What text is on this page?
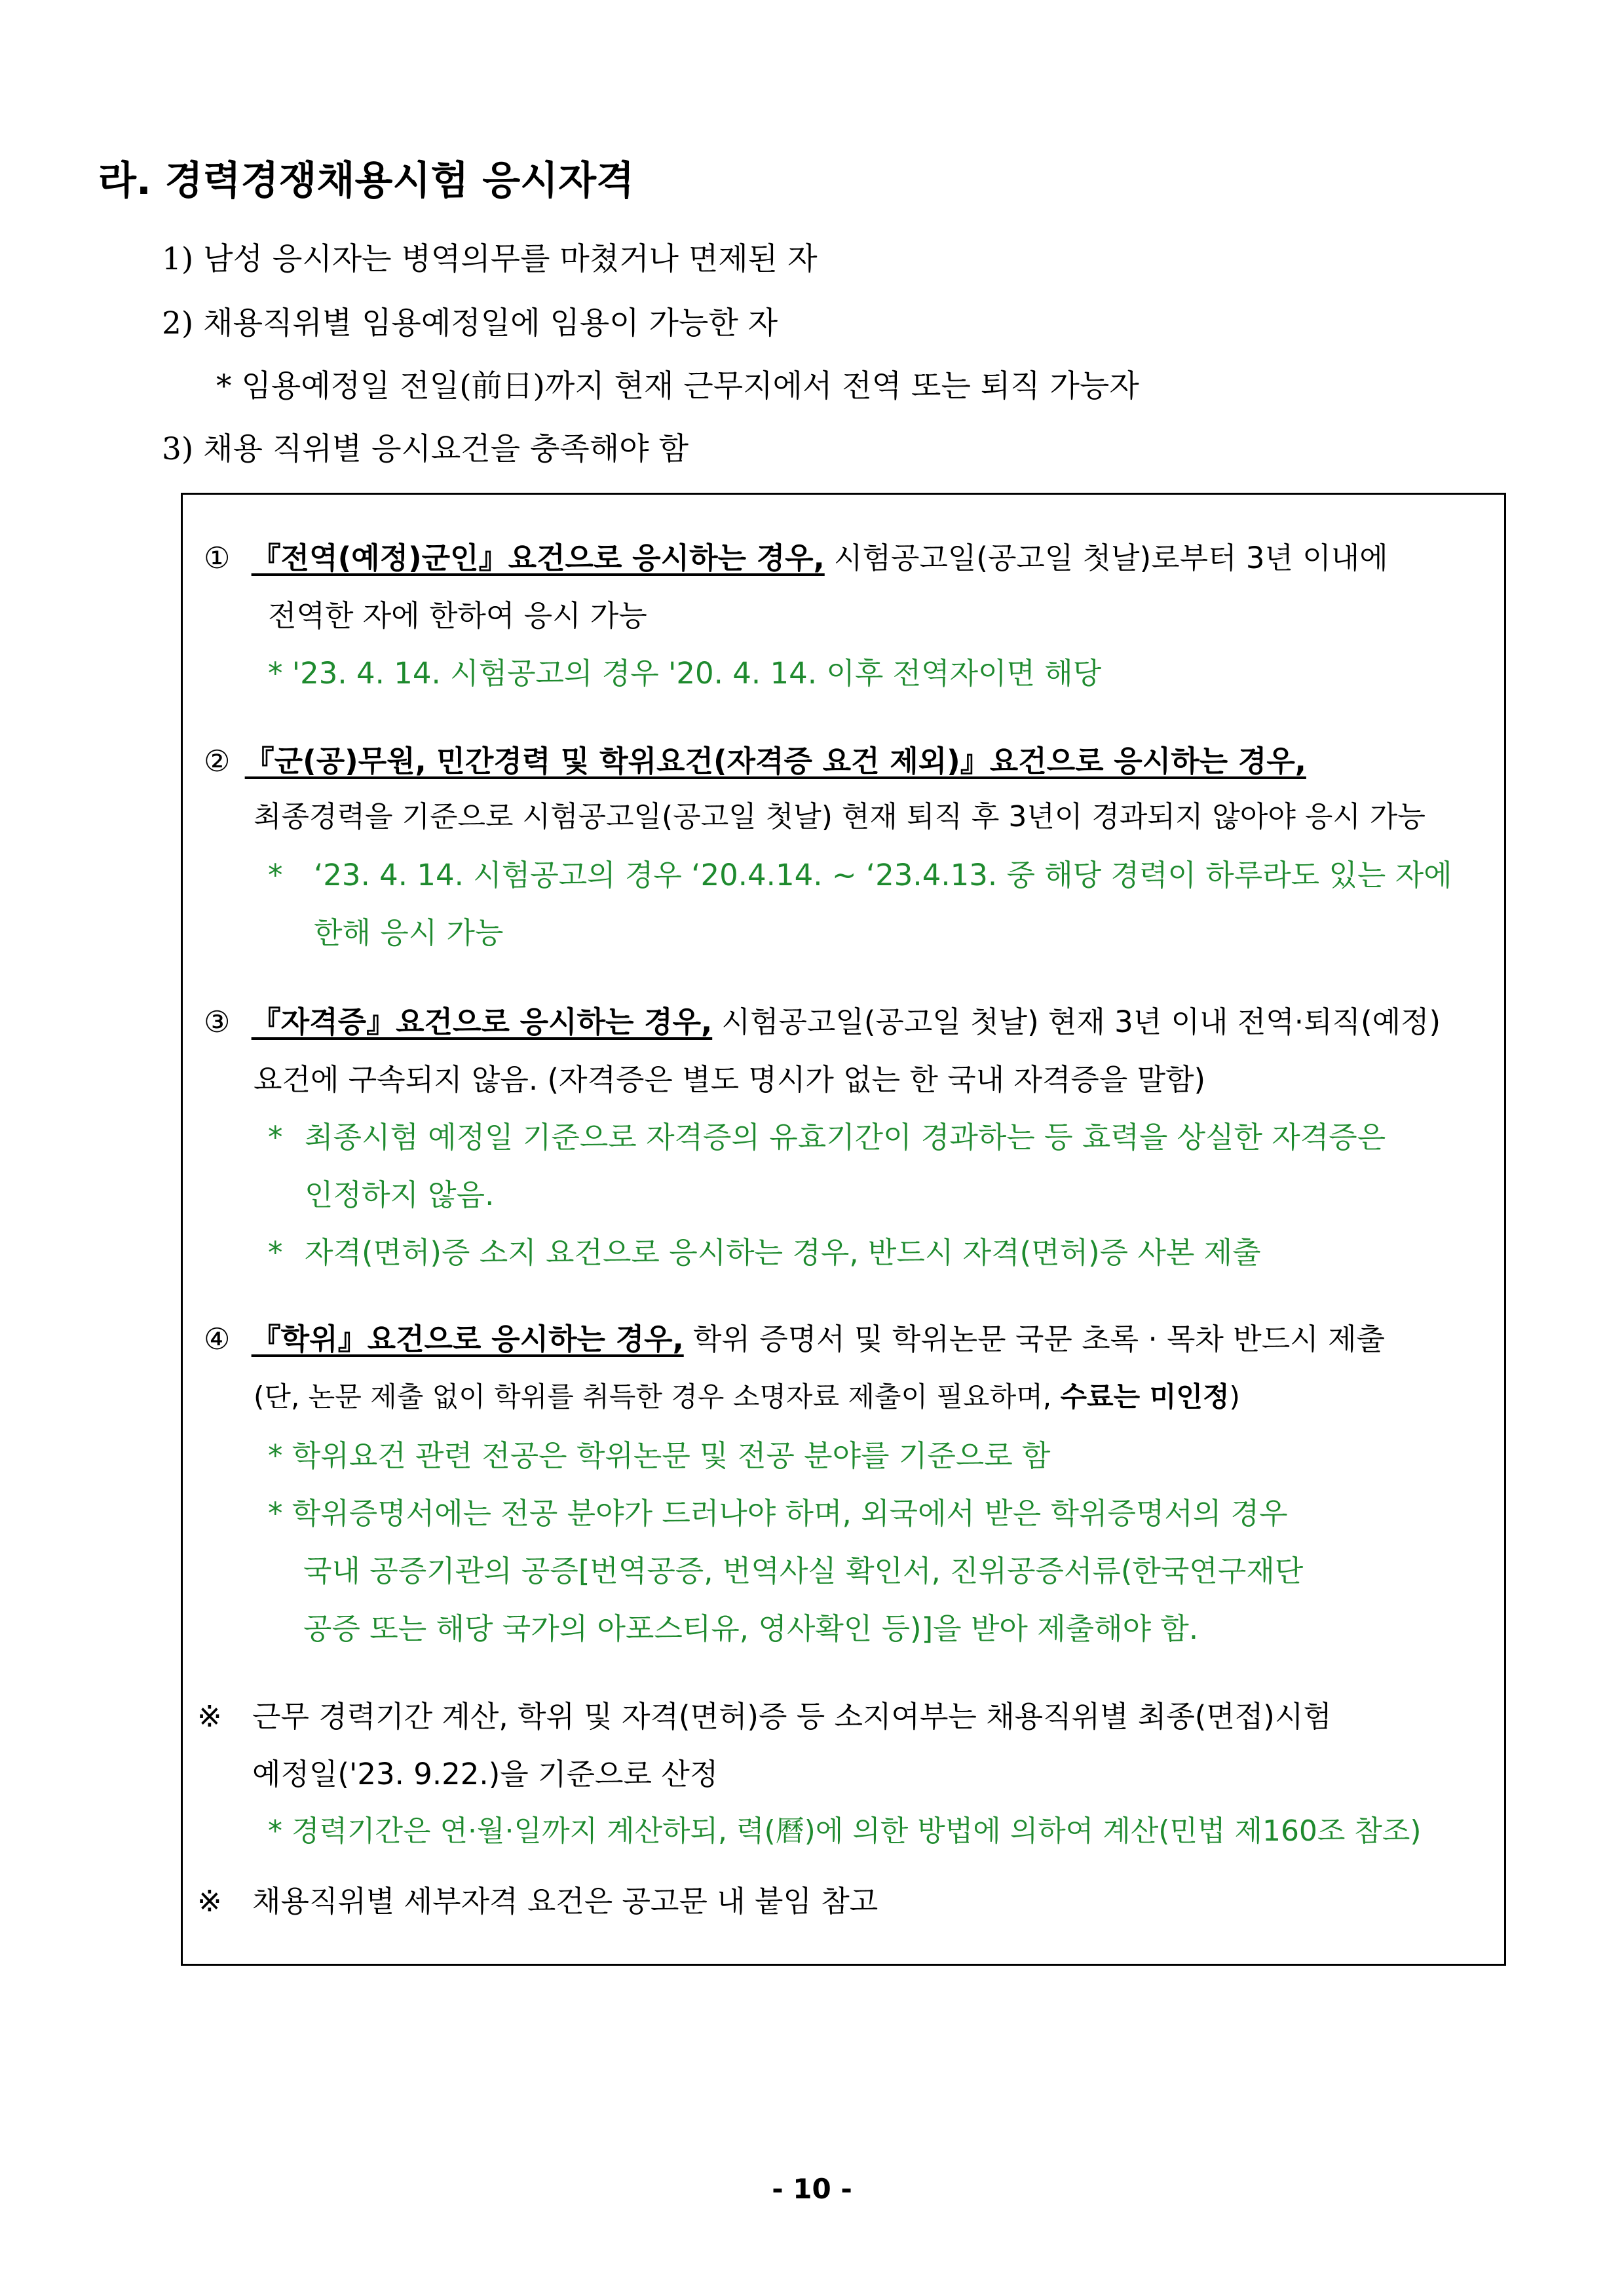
라. 경력경쟁채용시험 응시자격
1) 남성 응시자는 병역의무를 마쳤거나 면제된 자
2) 채용직위별 임용예정일에 임용이 가능한 자
* 임용예정일 전일(前日)까지 현재 근무지에서 전역 또는 퇴직 가능자
3) 채용 직위별 응시요건을 충족해야 함
① 『전역(예정)군인』요건으로 응시하는 경우, 시험공고일(공고일 첫날)로부터 3년 이내에
전역한 자에 한하여 응시 가능
* '23. 4. 14. 시험공고의 경우 '20. 4. 14. 이후 전역자이면 해당
② 『군(공)무원, 민간경력 및 학위요건(자격증 요건 제외)』요건으로 응시하는 경우,
최종경력을 기준으로 시험공고일(공고일 첫날) 현재 퇴직 후 3년이 경과되지 않아야 응시 가능
* ‘23. 4. 14. 시험공고의 경우 ‘20.4.14. ~ ‘23.4.13. 중 해당 경력이 하루라도 있는 자에
한해 응시 가능
③ 『자격증』요건으로 응시하는 경우, 시험공고일(공고일 첫날) 현재 3년 이내 전역·퇴직(예정)
요건에 구속되지 않음. (자격증은 별도 명시가 없는 한 국내 자격증을 말함)
* 최종시험 예정일 기준으로 자격증의 유효기간이 경과하는 등 효력을 상실한 자격증은
인정하지 않음.
* 자격(면허)증 소지 요건으로 응시하는 경우, 반드시 자격(면허)증 사본 제출
④ 『학위』요건으로 응시하는 경우, 학위 증명서 및 학위논문 국문 초록 · 목차 반드시 제출
(단, 논문 제출 없이 학위를 취득한 경우 소명자료 제출이 필요하며, 수료는 미인정)
* 학위요건 관련 전공은 학위논문 및 전공 분야를 기준으로 함
* 학위증명서에는 전공 분야가 드러나야 하며, 외국에서 받은 학위증명서의 경우
국내 공증기관의 공증[번역공증, 번역사실 확인서, 진위공증서류(한국연구재단
공증 또는 해당 국가의 아포스티유, 영사확인 등)]을 받아 제출해야 함.
※ 근무 경력기간 계산, 학위 및 자격(면허)증 등 소지여부는 채용직위별 최종(면접)시험
예정일('23. 9.22.)을 기준으로 산정
* 경력기간은 연·월·일까지 계산하되, 력(曆)에 의한 방법에 의하여 계산(민법 제160조 참조)
※ 채용직위별 세부자격 요건은 공고문 내 붙임 참고
- 10 -
